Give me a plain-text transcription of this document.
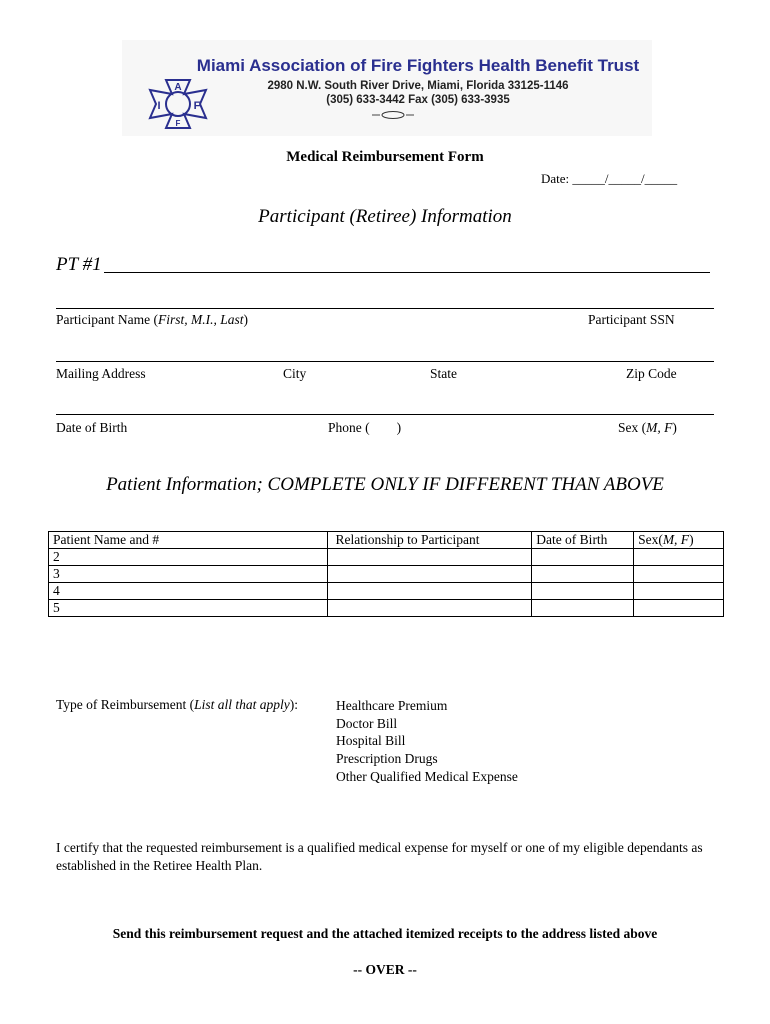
A
I	F
F
Miami Association of Fire Fighters Health Benefit Trust
2980 N.W. South River Drive, Miami, Florida 33125-1146
(305) 633-3442 Fax (305) 633-3935
Medical Reimbursement Form
Date: _____/_____/_____
Participant (Retiree) Information
PT #1
Participant Name (First, M.I., Last)	Participant SSN
Mailing Address	City	State	Zip Code
Date of Birth	Phone (        )	Sex (M, F)
Patient Information; COMPLETE ONLY IF DIFFERENT THAN ABOVE
Patient Name and #	Relationship to Participant	Date of Birth	Sex(M, F)
2			
3			
4			
5			
Type of Reimbursement (List all that apply):	Healthcare Premium
Doctor Bill
Hospital Bill
Prescription Drugs
Other Qualified Medical Expense
I certify that the requested reimbursement is a qualified medical expense for myself or one of my eligible dependants as established in the Retiree Health Plan.
Send this reimbursement request and the attached itemized receipts to the address listed above
-- OVER --
